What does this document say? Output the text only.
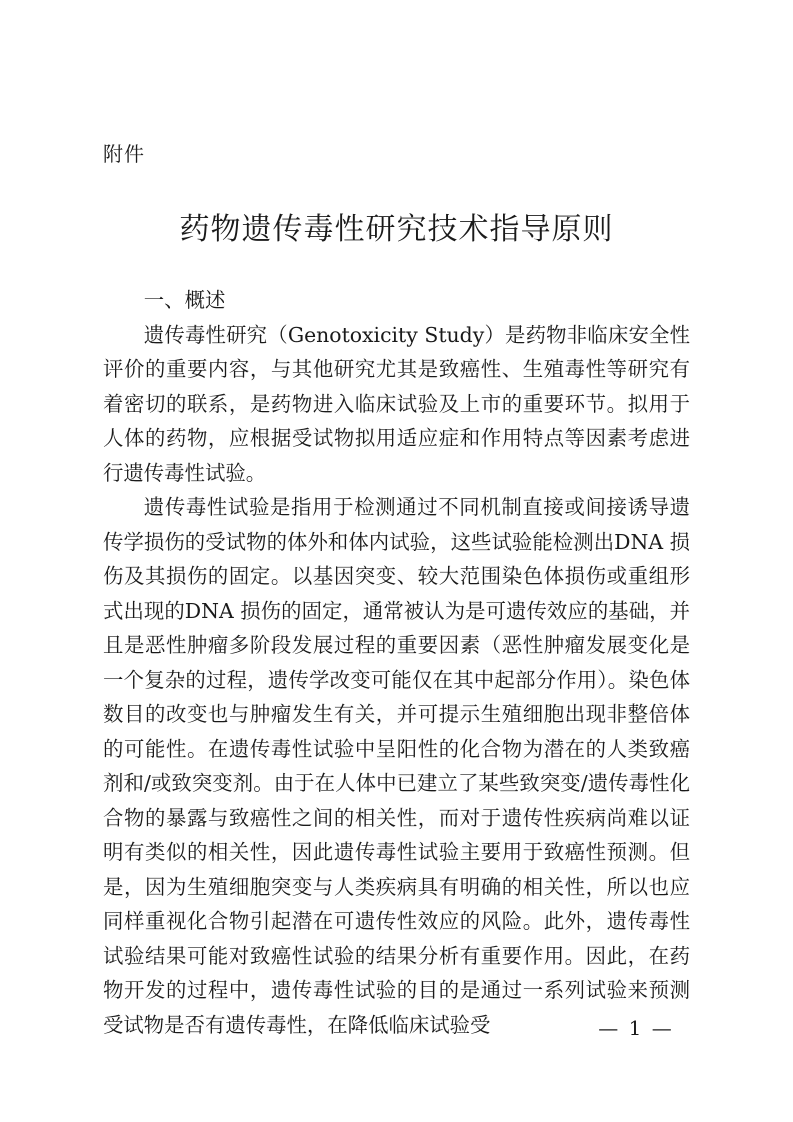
附件
药物遗传毒性研究技术指导原则

一、概述

遗传毒性研究（Genotoxicity Study）是药物非临床安全性评价的重要内容，与其他研究尤其是致癌性、生殖毒性等研究有着密切的联系，是药物进入临床试验及上市的重要环节。拟用于人体的药物，应根据受试物拟用适应症和作用特点等因素考虑进行遗传毒性试验。

遗传毒性试验是指用于检测通过不同机制直接或间接诱导遗传学损伤的受试物的体外和体内试验，这些试验能检测出DNA 损伤及其损伤的固定。以基因突变、较大范围染色体损伤或重组形式出现的DNA 损伤的固定，通常被认为是可遗传效应的基础，并且是恶性肿瘤多阶段发展过程的重要因素（恶性肿瘤发展变化是一个复杂的过程，遗传学改变可能仅在其中起部分作用）。染色体数目的改变也与肿瘤发生有关，并可提示生殖细胞出现非整倍体的可能性。在遗传毒性试验中呈阳性的化合物为潜在的人类致癌剂和/或致突变剂。由于在人体中已建立了某些致突变/遗传毒性化合物的暴露与致癌性之间的相关性，而对于遗传性疾病尚难以证明有类似的相关性，因此遗传毒性试验主要用于致癌性预测。但是，因为生殖细胞突变与人类疾病具有明确的相关性，所以也应同样重视化合物引起潜在可遗传性效应的风险。此外，遗传毒性试验结果可能对致癌性试验的结果分析有重要作用。因此，在药物开发的过程中，遗传毒性试验的目的是通过一系列试验来预测受试物是否有遗传毒性，在降低临床试验受	— 1 —
